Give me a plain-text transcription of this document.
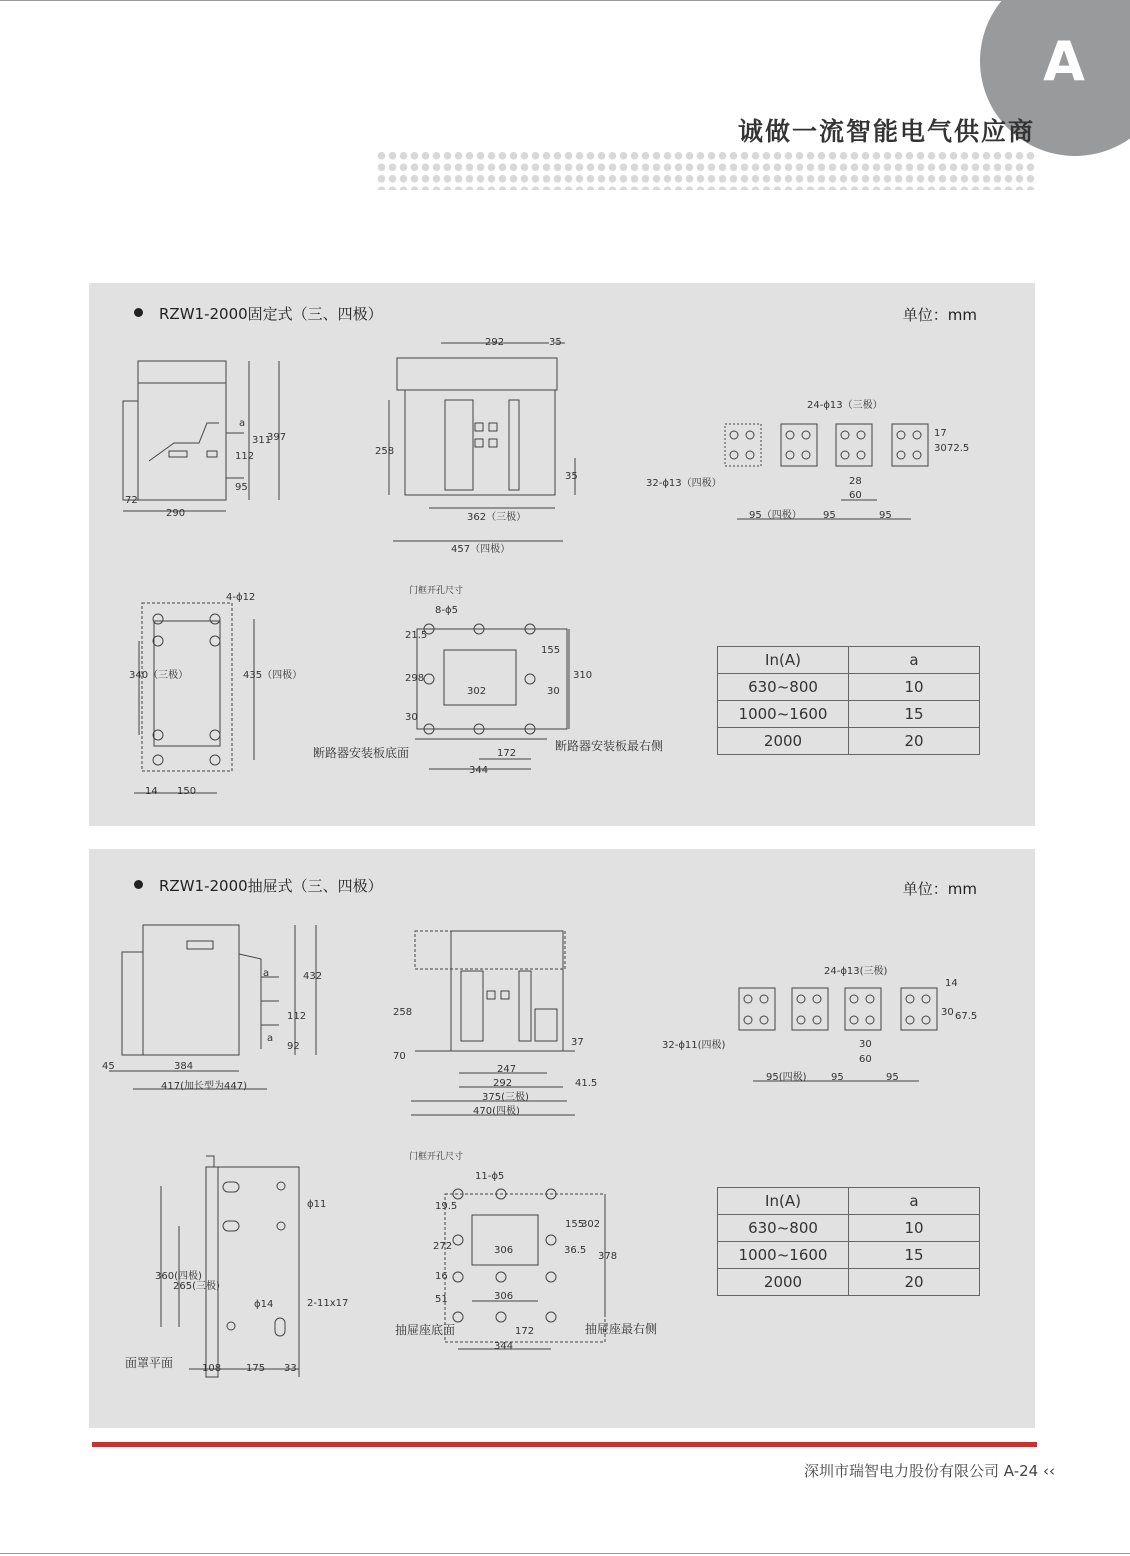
A
诚做一流智能电气供应商
RZW1-2000固定式（三、四极）	单位：mm
a
311
397
112
95
72
290
292	35
258
35
362（三极）
457（四极）
24-ϕ13（三极）
32-ϕ13（四极）
17
30 72.5
28
60
95（四极） 95	95
4-ϕ12
340（三极）	435（四极）
14 150
门框开孔尺寸
8-ϕ5
21.5
155
310
298
302	30
30
172
344
断路器安装板底面	断路器安装板最右侧
In(A)	a
630~800	10
1000~1600	15
2000	20
RZW1-2000抽屉式（三、四极）	单位：mm
a	432
112
a
92
45	384
417(加长型为447)
258
70
37
247
292	41.5
375(三极)
470(四极)
24-ϕ13(三极)
32-ϕ11(四极)
14
30 67.5
30
60
95(四极) 95	95
ϕ11
360(四极)
265(三极)
ϕ14	2-11x17
面罩平面	108 175 33
门框开孔尺寸
11-ϕ5
19.5
155
302
272
378
306	36.5
16
51	306
172
344
抽屉座底面	抽屉座最右侧
In(A)	a
630~800	10
1000~1600	15
2000	20
深圳市瑞智电力股份有限公司 A-24 ‹‹
